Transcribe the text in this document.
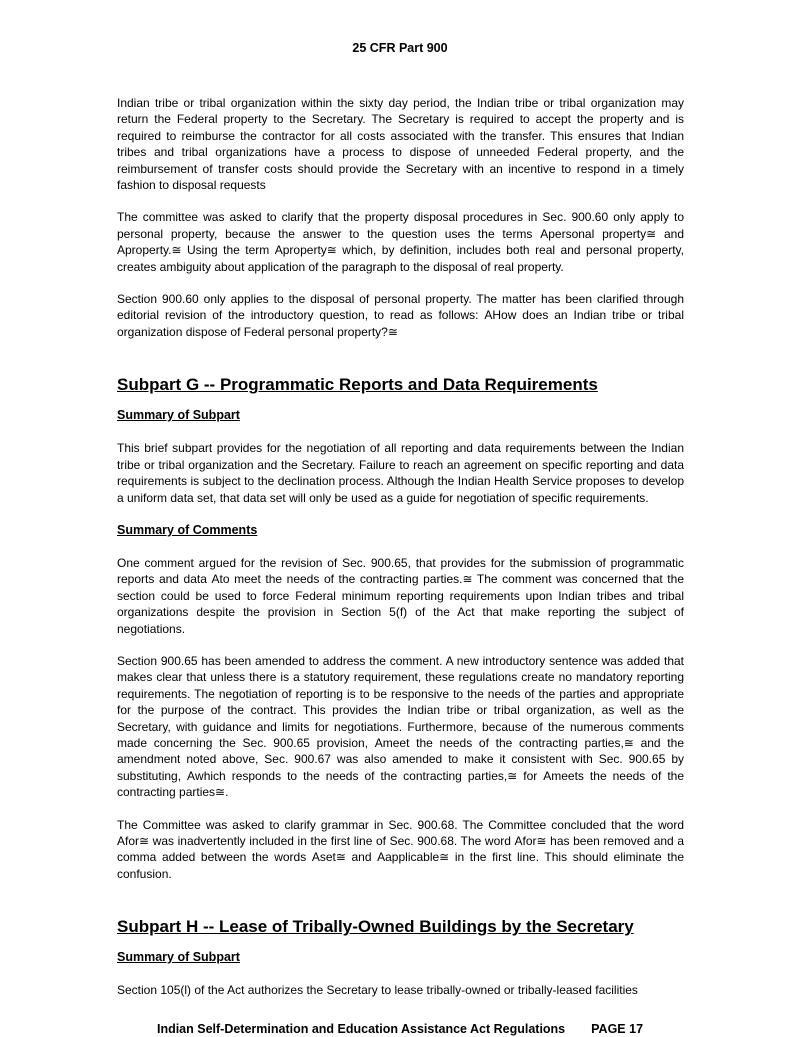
25 CFR Part 900

Indian tribe or tribal organization within the sixty day period, the Indian tribe or tribal organization may return the Federal property to the Secretary. The Secretary is required to accept the property and is required to reimburse the contractor for all costs associated with the transfer. This ensures that Indian tribes and tribal organizations have a process to dispose of unneeded Federal property, and the reimbursement of transfer costs should provide the Secretary with an incentive to respond in a timely fashion to disposal requests

The committee was asked to clarify that the property disposal procedures in Sec. 900.60 only apply to personal property, because the answer to the question uses the terms Αpersonal property≅ and Αproperty.≅ Using the term Αproperty≅ which, by definition, includes both real and personal property, creates ambiguity about application of the paragraph to the disposal of real property.

Section 900.60 only applies to the disposal of personal property. The matter has been clarified through editorial revision of the introductory question, to read as follows: ΑHow does an Indian tribe or tribal organization dispose of Federal personal property?≅

Subpart G -- Programmatic Reports and Data Requirements
Summary of Subpart

This brief subpart provides for the negotiation of all reporting and data requirements between the Indian tribe or tribal organization and the Secretary. Failure to reach an agreement on specific reporting and data requirements is subject to the declination process. Although the Indian Health Service proposes to develop a uniform data set, that data set will only be used as a guide for negotiation of specific requirements.

Summary of Comments

One comment argued for the revision of Sec. 900.65, that provides for the submission of programmatic reports and data Αto meet the needs of the contracting parties.≅ The comment was concerned that the section could be used to force Federal minimum reporting requirements upon Indian tribes and tribal organizations despite the provision in Section 5(f) of the Act that make reporting the subject of negotiations.

Section 900.65 has been amended to address the comment. A new introductory sentence was added that makes clear that unless there is a statutory requirement, these regulations create no mandatory reporting requirements. The negotiation of reporting is to be responsive to the needs of the parties and appropriate for the purpose of the contract. This provides the Indian tribe or tribal organization, as well as the Secretary, with guidance and limits for negotiations. Furthermore, because of the numerous comments made concerning the Sec. 900.65 provision, Αmeet the needs of the contracting parties,≅ and the amendment noted above, Sec. 900.67 was also amended to make it consistent with Sec. 900.65 by substituting, Αwhich responds to the needs of the contracting parties,≅ for Αmeets the needs of the contracting parties≅.

The Committee was asked to clarify grammar in Sec. 900.68. The Committee concluded that the word Αfor≅ was inadvertently included in the first line of Sec. 900.68. The word Αfor≅ has been removed and a comma added between the words Αset≅ and Αapplicable≅ in the first line. This should eliminate the confusion.

Subpart H -- Lease of Tribally-Owned Buildings by the Secretary
Summary of Subpart

Section 105(l) of the Act authorizes the Secretary to lease tribally-owned or tribally-leased facilities

Indian Self-Determination and Education Assistance Act Regulations PAGE 17
